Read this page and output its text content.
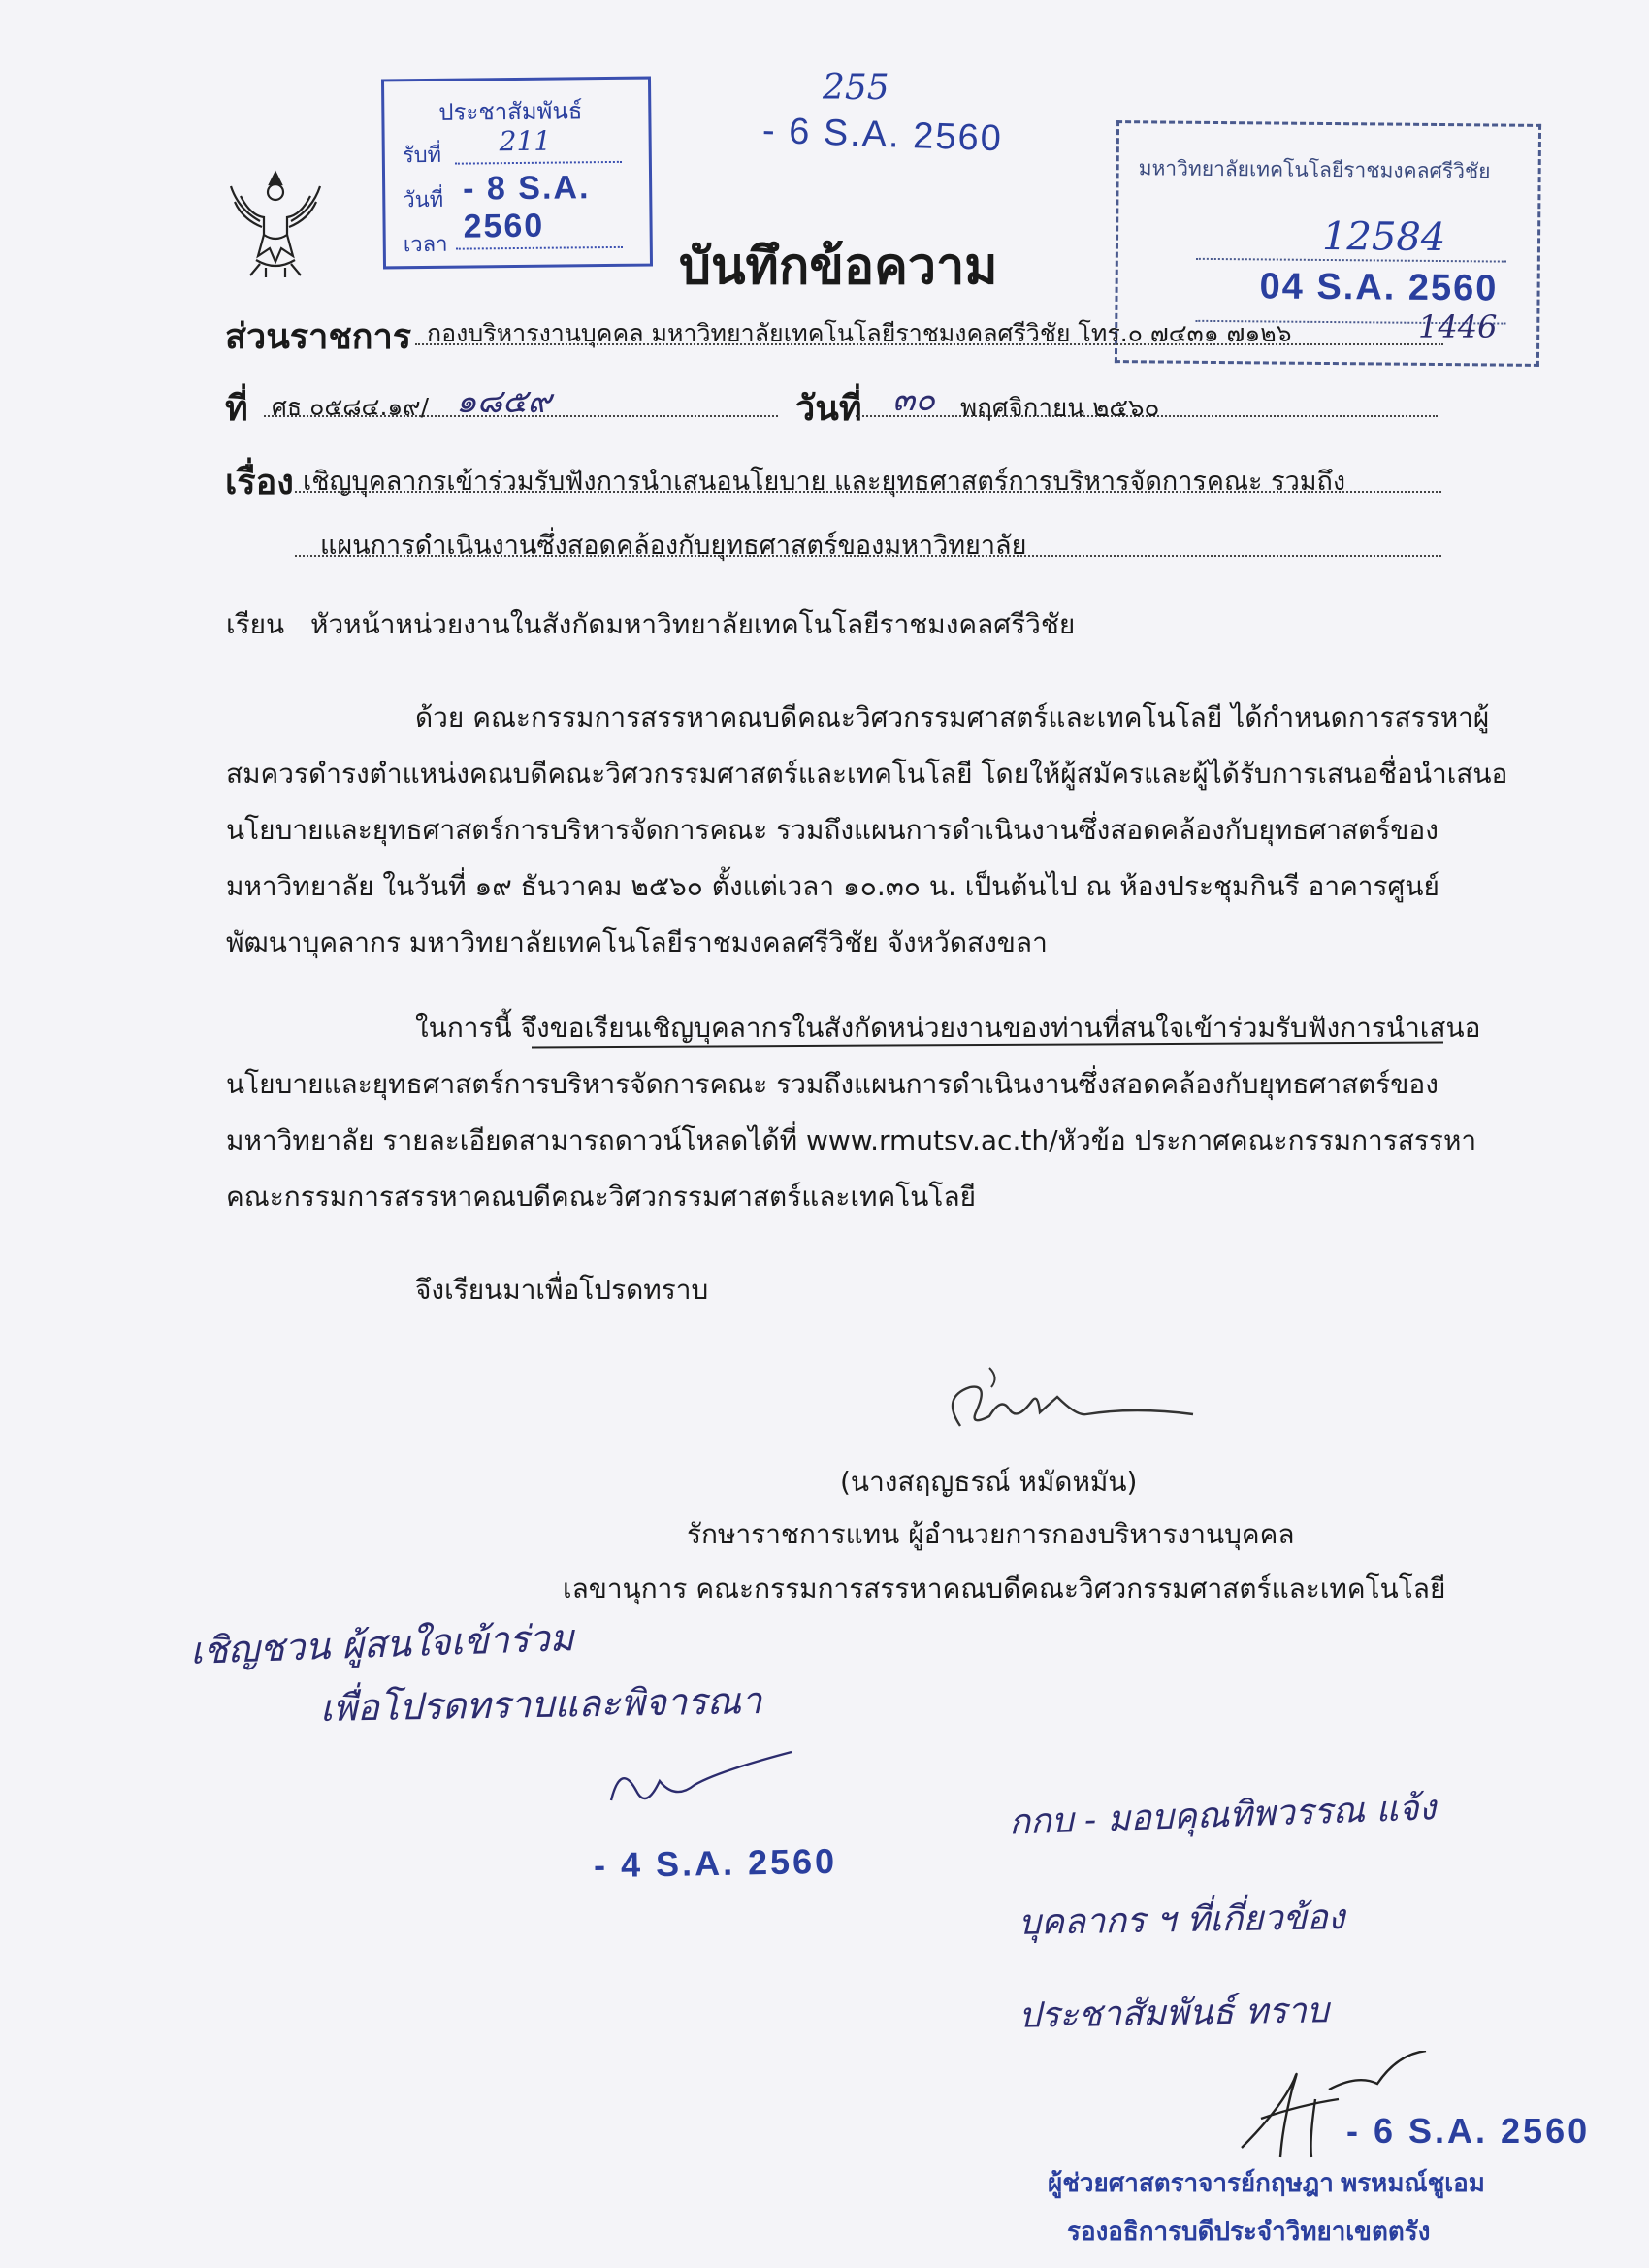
ประชาสัมพันธ์
รับที่ 211
วันที่ - 8 S.A. 2560
เวลา
255
- 6 S.A. 2560
มหาวิทยาลัยเทคโนโลยีราชมงคลศรีวิชัย
12584
04 S.A. 2560
บันทึกข้อความ
ส่วนราชการ กองบริหารงานบุคคล มหาวิทยาลัยเทคโนโลยีราชมงคลศรีวิชัย โทร.๐ ๗๔๓๑ ๗๑๒๖	1446
ที่ ศธ ๐๕๘๔.๑๙/ ๑๘๕๙	วันที่ ๓๐ พฤศจิกายน ๒๕๖๐
เรื่อง เชิญบุคลากรเข้าร่วมรับฟังการนำเสนอนโยบาย และยุทธศาสตร์การบริหารจัดการคณะ รวมถึง
แผนการดำเนินงานซึ่งสอดคล้องกับยุทธศาสตร์ของมหาวิทยาลัย
เรียน หัวหน้าหน่วยงานในสังกัดมหาวิทยาลัยเทคโนโลยีราชมงคลศรีวิชัย
ด้วย คณะกรรมการสรรหาคณบดีคณะวิศวกรรมศาสตร์และเทคโนโลยี ได้กำหนดการสรรหาผู้
สมควรดำรงตำแหน่งคณบดีคณะวิศวกรรมศาสตร์และเทคโนโลยี โดยให้ผู้สมัครและผู้ได้รับการเสนอชื่อนำเสนอ
นโยบายและยุทธศาสตร์การบริหารจัดการคณะ รวมถึงแผนการดำเนินงานซึ่งสอดคล้องกับยุทธศาสตร์ของ
มหาวิทยาลัย ในวันที่ ๑๙ ธันวาคม ๒๕๖๐ ตั้งแต่เวลา ๑๐.๓๐ น. เป็นต้นไป ณ ห้องประชุมกินรี อาคารศูนย์
พัฒนาบุคลากร มหาวิทยาลัยเทคโนโลยีราชมงคลศรีวิชัย จังหวัดสงขลา
ในการนี้ จึงขอเรียนเชิญบุคลากรในสังกัดหน่วยงานของท่านที่สนใจเข้าร่วมรับฟังการนำเสนอ
นโยบายและยุทธศาสตร์การบริหารจัดการคณะ รวมถึงแผนการดำเนินงานซึ่งสอดคล้องกับยุทธศาสตร์ของ
มหาวิทยาลัย รายละเอียดสามารถดาวน์โหลดได้ที่ www.rmutsv.ac.th/หัวข้อ ประกาศคณะกรรมการสรรหา
คณะกรรมการสรรหาคณบดีคณะวิศวกรรมศาสตร์และเทคโนโลยี
จึงเรียนมาเพื่อโปรดทราบ
(นางสฤญธรณ์ หมัดหมัน)
รักษาราชการแทน ผู้อำนวยการกองบริหารงานบุคคล
เลขานุการ คณะกรรมการสรรหาคณบดีคณะวิศวกรรมศาสตร์และเทคโนโลยี
เชิญชวน ผู้สนใจเข้าร่วม
เพื่อโปรดทราบและพิจารณา
- 4 S.A. 2560
กกบ - มอบคุณทิพวรรณ แจ้ง
บุคลากร ฯ ที่เกี่ยวข้อง
ประชาสัมพันธ์ ทราบ
- 6 S.A. 2560
ผู้ช่วยศาสตราจารย์กฤษฎา พรหมณ์ชูเอม
รองอธิการบดีประจำวิทยาเขตตรัง
